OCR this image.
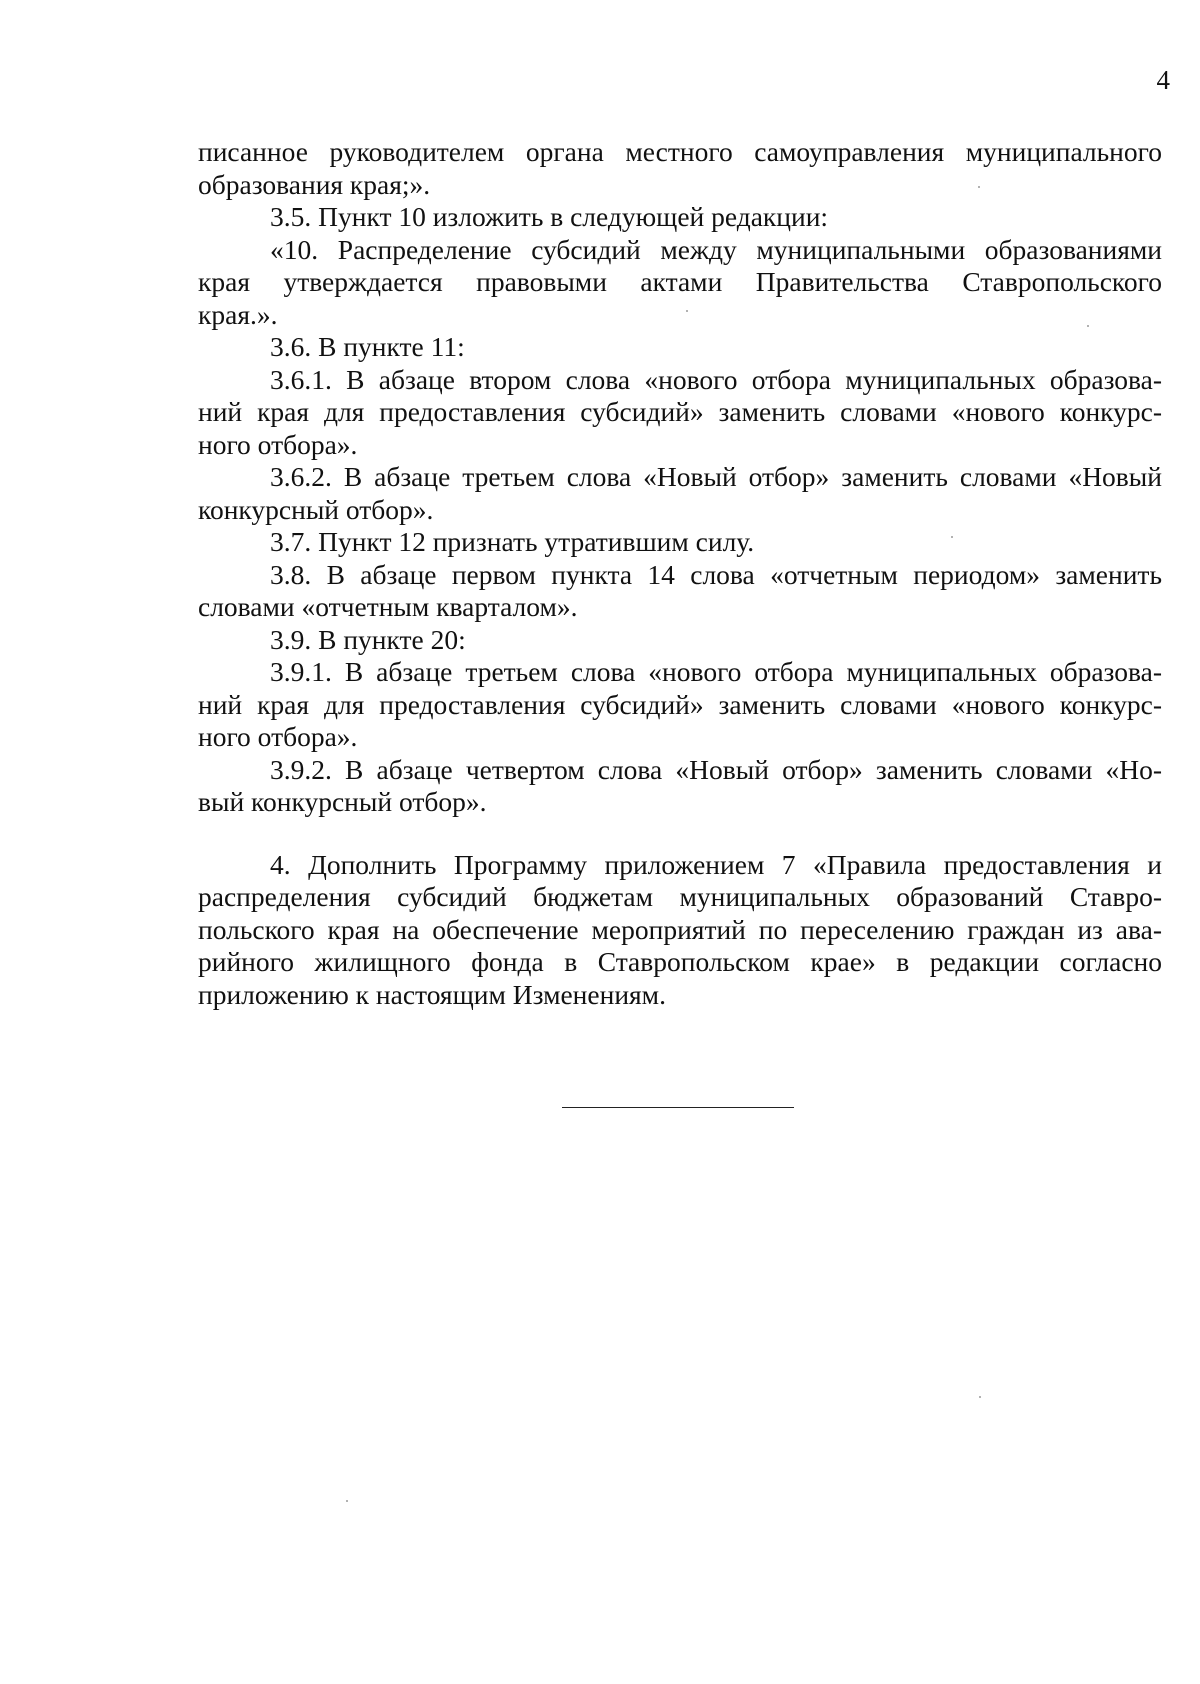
4
писанное руководителем органа местного самоуправления муниципального
образования края;».
3.5. Пункт 10 изложить в следующей редакции:
«10. Распределение субсидий между муниципальными образованиями
края утверждается правовыми актами Правительства Ставропольского
края.».
3.6. В пункте 11:
3.6.1. В абзаце втором слова «нового отбора муниципальных образова-
ний края для предоставления субсидий» заменить словами «нового конкурс-
ного отбора».
3.6.2. В абзаце третьем слова «Новый отбор» заменить словами «Новый
конкурсный отбор».
3.7. Пункт 12 признать утратившим силу.
3.8. В абзаце первом пункта 14 слова «отчетным периодом» заменить
словами «отчетным кварталом».
3.9. В пункте 20:
3.9.1. В абзаце третьем слова «нового отбора муниципальных образова-
ний края для предоставления субсидий» заменить словами «нового конкурс-
ного отбора».
3.9.2. В абзаце четвертом слова «Новый отбор» заменить словами «Но-
вый конкурсный отбор».
4. Дополнить Программу приложением 7 «Правила предоставления и
распределения субсидий бюджетам муниципальных образований Ставро-
польского края на обеспечение мероприятий по переселению граждан из ава-
рийного жилищного фонда в Ставропольском крае» в редакции согласно
приложению к настоящим Изменениям.
